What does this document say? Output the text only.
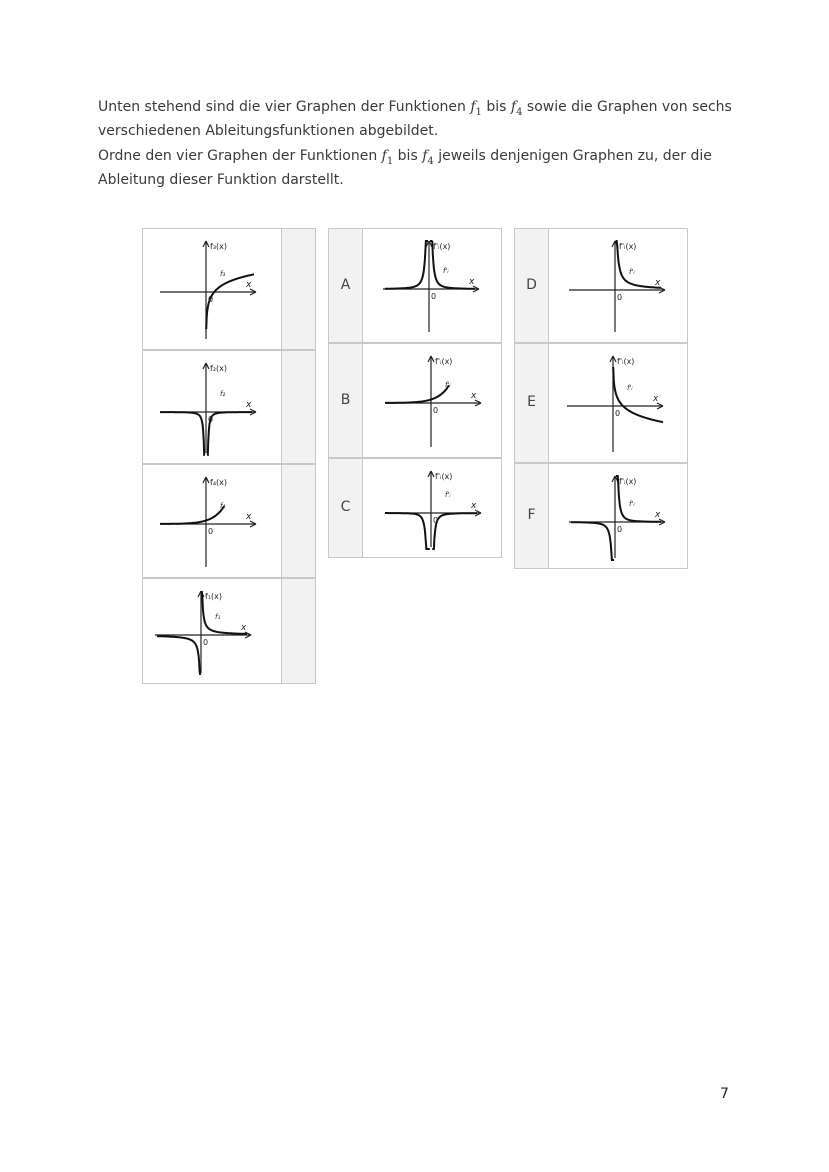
Unten stehend sind die vier Graphen der Funktionen $f_1$ bis $f_4$ sowie die Graphen von sechs verschiedenen Ableitungsfunktionen abgebildet.

Ordne den vier Graphen der Funktionen $f_1$ bis $f_4$ jeweils denjenigen Graphen zu, der die Ableitung dieser Funktion darstellt.

f₃(x)
x
0
f₃
f₂(x)
x
0
f₂
f₄(x)
x
0
f₄
f₁(x)
x
0
f₁
A
f'ᵢ(x)
x
0
f'ᵢ
B
f'ᵢ(x)
x
0
f'ᵢ
C
f'ᵢ(x)
x
0
f'ᵢ
D
f'ᵢ(x)
x
0
f'ᵢ
E
f'ᵢ(x)
x
0
f'ᵢ
F
f'ᵢ(x)
x
0
f'ᵢ
7
